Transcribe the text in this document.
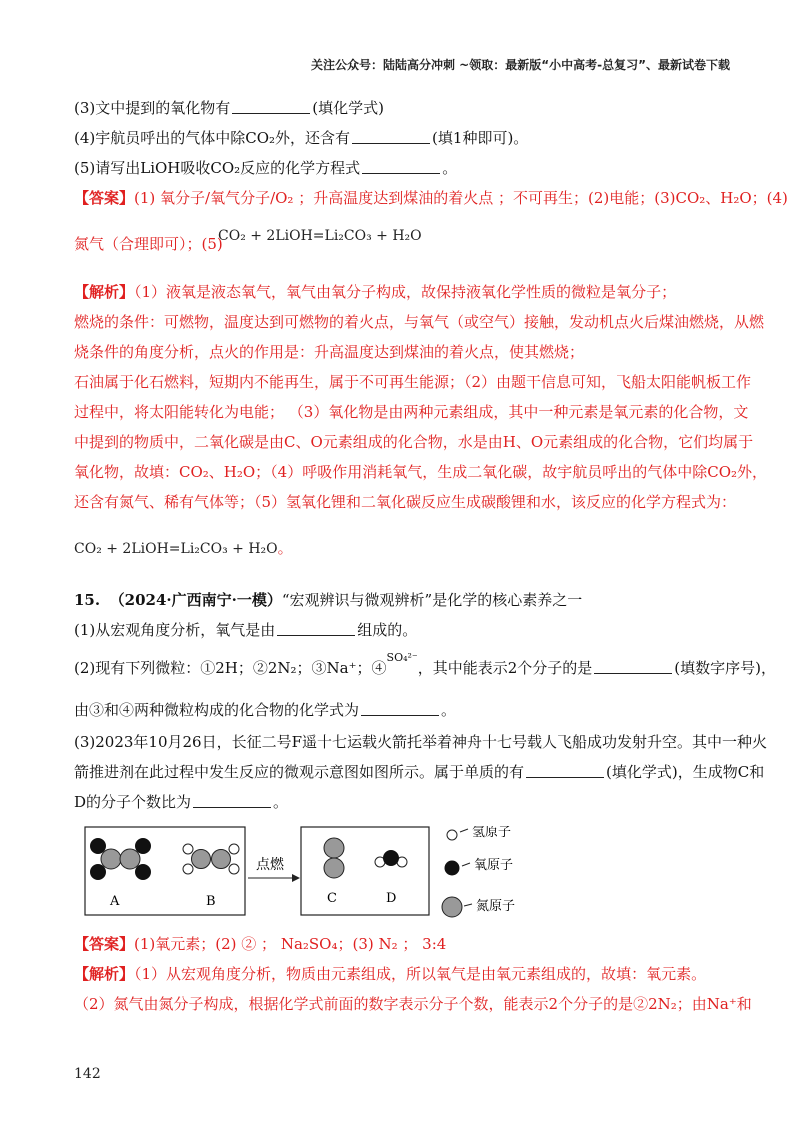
关注公众号：陆陆高分冲刺 ~领取：最新版“小中高考-总复习”、最新试卷下载
(3)文中提到的氧化物有	(填化学式)
(4)宇航员呼出的气体中除CO₂外，还含有	(填1种即可)。
(5)请写出LiOH吸收CO₂反应的化学方程式	。
【答案】(1) 氧分子/氧气分子/O₂ ；升高温度达到煤油的着火点 ；不可再生；(2)电能；(3)CO₂、H₂O；(4)
氮气（合理即可）；(5)
CO₂ + 2LiOH=Li₂CO₃ + H₂O
【解析】（1）液氧是液态氧气，氧气由氧分子构成，故保持液氧化学性质的微粒是氧分子；
燃烧的条件：可燃物，温度达到可燃物的着火点，与氧气（或空气）接触，发动机点火后煤油燃烧，从燃
烧条件的角度分析，点火的作用是：升高温度达到煤油的着火点，使其燃烧；
石油属于化石燃料，短期内不能再生，属于不可再生能源；（2）由题干信息可知，飞船太阳能帆板工作
过程中，将太阳能转化为电能； （3）氧化物是由两种元素组成，其中一种元素是氧元素的化合物，文
中提到的物质中，二氧化碳是由C、O元素组成的化合物，水是由H、O元素组成的化合物，它们均属于
氧化物，故填：CO₂、H₂O；（4）呼吸作用消耗氧气，生成二氧化碳，故宇航员呼出的气体中除CO₂外，
还含有氮气、稀有气体等；（5）氢氧化锂和二氧化碳反应生成碳酸锂和水，该反应的化学方程式为：
CO₂ + 2LiOH=Li₂CO₃ + H₂O。
15. （2024·广西南宁·一模）“宏观辨识与微观辨析”是化学的核心素养之一
(1)从宏观角度分析，氧气是由	组成的。
(2)现有下列微粒：①2H；②2N₂；③Na⁺；④$^{SO_4^{2-}}$，其中能表示2个分子的是	(填数字序号)，
由③和④两种微粒构成的化合物的化学式为	。
(3)2023年10月26日，长征二号F遥十七运载火箭托举着神舟十七号载人飞船成功发射升空。其中一种火
箭推进剂在此过程中发生反应的微观示意图如图所示。属于单质的有	(填化学式)，生成物C和
D的分子个数比为	。
A	B
点燃
C	D
氢原子
氧原子
氮原子
【答案】(1)氧元素；(2) ② ； Na₂SO₄；(3) N₂ ； 3:4
【解析】（1）从宏观角度分析，物质由元素组成，所以氧气是由氧元素组成的，故填：氧元素。
（2）氮气由氮分子构成，根据化学式前面的数字表示分子个数，能表示2个分子的是②2N₂；由Na⁺和
142
